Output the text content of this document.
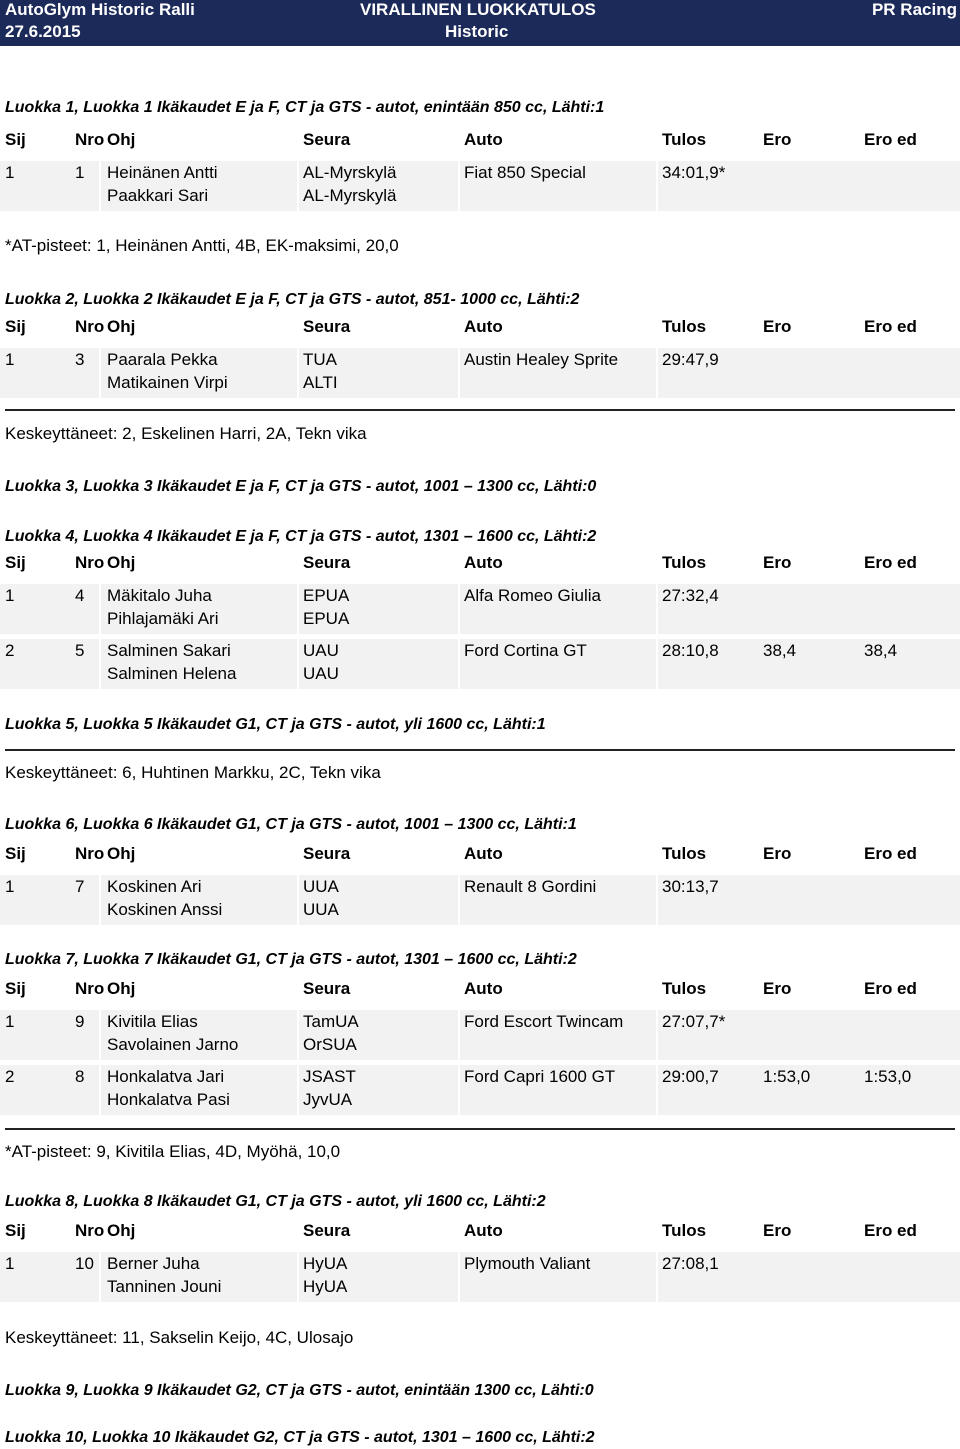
AutoGlym Historic Ralli
27.6.2015
VIRALLINEN LUOKKATULOS
Historic
PR Racing
Luokka 1, Luokka 1 Ikäkaudet E ja F, CT ja GTS - autot, enintään 850 cc, Lähti:1
Sij	Nro Ohj	Seura	Auto	Tulos	Ero	Ero ed
1	1 Heinänen Antti	AL-Myrskylä	Fiat 850 Special	34:01,9*
Paakkari Sari	AL-Myrskylä
*AT-pisteet: 1, Heinänen Antti, 4B, EK-maksimi, 20,0
Luokka 2, Luokka 2 Ikäkaudet E ja F, CT ja GTS - autot, 851- 1000 cc, Lähti:2
Sij	Nro Ohj	Seura	Auto	Tulos	Ero	Ero ed
1	3 Paarala Pekka	TUA	Austin Healey Sprite	29:47,9
Matikainen Virpi	ALTI
Keskeyttäneet: 2, Eskelinen Harri, 2A, Tekn vika
Luokka 3, Luokka 3 Ikäkaudet E ja F, CT ja GTS - autot, 1001 – 1300 cc, Lähti:0
Luokka 4, Luokka 4 Ikäkaudet E ja F, CT ja GTS - autot, 1301 – 1600 cc, Lähti:2
Sij	Nro Ohj	Seura	Auto	Tulos	Ero	Ero ed
1	4 Mäkitalo Juha	EPUA	Alfa Romeo Giulia	27:32,4
Pihlajamäki Ari	EPUA
2	5 Salminen Sakari	UAU	Ford Cortina GT	28:10,8	38,4	38,4
Salminen Helena	UAU
Luokka 5, Luokka 5 Ikäkaudet G1, CT ja GTS - autot, yli 1600 cc, Lähti:1
Keskeyttäneet: 6, Huhtinen Markku, 2C, Tekn vika
Luokka 6, Luokka 6 Ikäkaudet G1, CT ja GTS - autot, 1001 – 1300 cc, Lähti:1
Sij	Nro Ohj	Seura	Auto	Tulos	Ero	Ero ed
1	7 Koskinen Ari	UUA	Renault 8 Gordini	30:13,7
Koskinen Anssi	UUA
Luokka 7, Luokka 7 Ikäkaudet G1, CT ja GTS - autot, 1301 – 1600 cc, Lähti:2
Sij	Nro Ohj	Seura	Auto	Tulos	Ero	Ero ed
1	9 Kivitila Elias	TamUA	Ford Escort Twincam 27:07,7*
Savolainen Jarno	OrSUA
2	8 Honkalatva Jari	JSAST	Ford Capri 1600 GT	29:00,7	1:53,0	1:53,0
Honkalatva Pasi	JyvUA
*AT-pisteet: 9, Kivitila Elias, 4D, Myöhä, 10,0
Luokka 8, Luokka 8 Ikäkaudet G1, CT ja GTS - autot, yli 1600 cc, Lähti:2
Sij	Nro Ohj	Seura	Auto	Tulos	Ero	Ero ed
1	10 Berner Juha	HyUA	Plymouth Valiant	27:08,1
Tanninen Jouni	HyUA
Keskeyttäneet: 11, Sakselin Keijo, 4C, Ulosajo
Luokka 9, Luokka 9 Ikäkaudet G2, CT ja GTS - autot, enintään 1300 cc, Lähti:0
Luokka 10, Luokka 10 Ikäkaudet G2, CT ja GTS - autot, 1301 – 1600 cc, Lähti:2
